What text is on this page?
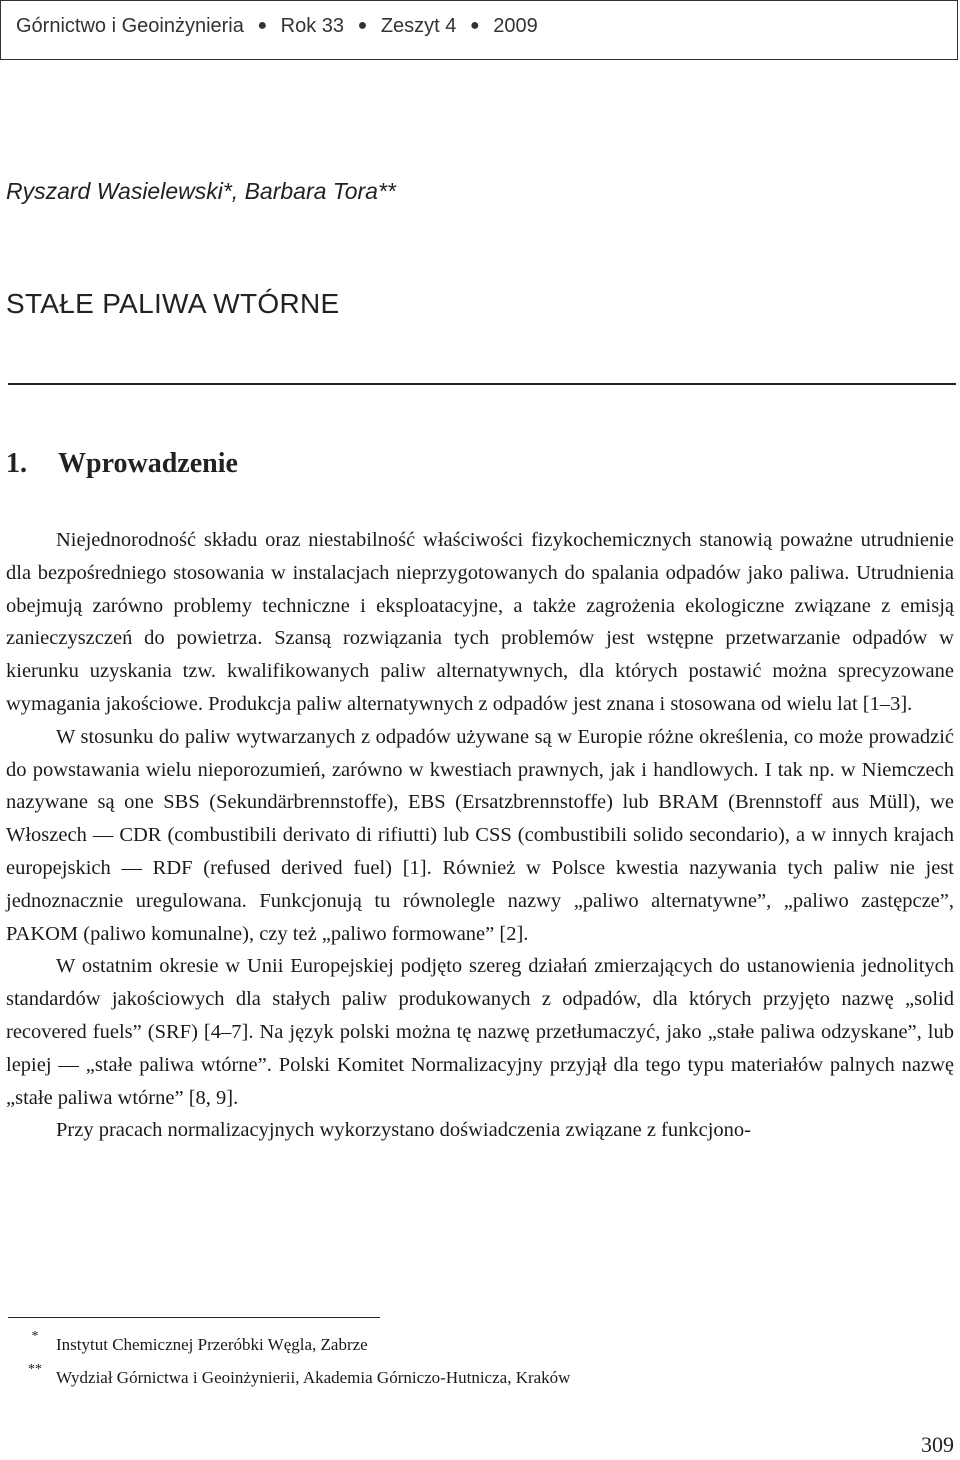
Górnictwo i Geoinżynieria ● Rok 33 ● Zeszyt 4 ● 2009
Ryszard Wasielewski*, Barbara Tora**
STAŁE PALIWA WTÓRNE
1. Wprowadzenie

Niejednorodność składu oraz niestabilność właściwości fizykochemicznych stanowią poważne utrudnienie dla bezpośredniego stosowania w instalacjach nieprzygotowanych do spalania odpadów jako paliwa. Utrudnienia obejmują zarówno problemy techniczne i eksploatacyjne, a także zagrożenia ekologiczne związane z emisją zanieczyszczeń do powietrza. Szansą rozwiązania tych problemów jest wstępne przetwarzanie odpadów w kierunku uzyskania tzw. kwalifikowanych paliw alternatywnych, dla których postawić można sprecyzowane wymagania jakościowe. Produkcja paliw alternatywnych z odpadów jest znana i stosowana od wielu lat [1–3].

W stosunku do paliw wytwarzanych z odpadów używane są w Europie różne określenia, co może prowadzić do powstawania wielu nieporozumień, zarówno w kwestiach prawnych, jak i handlowych. I tak np. w Niemczech nazywane są one SBS (Sekundärbrennstoffe), EBS (Ersatzbrennstoffe) lub BRAM (Brennstoff aus Müll), we Włoszech — CDR (combustibili derivato di rifiutti) lub CSS (combustibili solido secondario), a w innych krajach europejskich — RDF (refused derived fuel) [1]. Również w Polsce kwestia nazywania tych paliw nie jest jednoznacznie uregulowana. Funkcjonują tu równolegle nazwy „paliwo alternatywne”, „paliwo zastępcze”, PAKOM (paliwo komunalne), czy też „paliwo formowane” [2].

W ostatnim okresie w Unii Europejskiej podjęto szereg działań zmierzających do ustanowienia jednolitych standardów jakościowych dla stałych paliw produkowanych z odpadów, dla których przyjęto nazwę „solid recovered fuels” (SRF) [4–7]. Na język polski można tę nazwę przetłumaczyć, jako „stałe paliwa odzyskane”, lub lepiej — „stałe paliwa wtórne”. Polski Komitet Normalizacyjny przyjął dla tego typu materiałów palnych nazwę „stałe paliwa wtórne” [8, 9].

Przy pracach normalizacyjnych wykorzystano doświadczenia związane z funkcjono-

*	Instytut Chemicznej Przeróbki Węgla, Zabrze
** Wydział Górnictwa i Geoinżynierii, Akademia Górniczo-Hutnicza, Kraków
309
